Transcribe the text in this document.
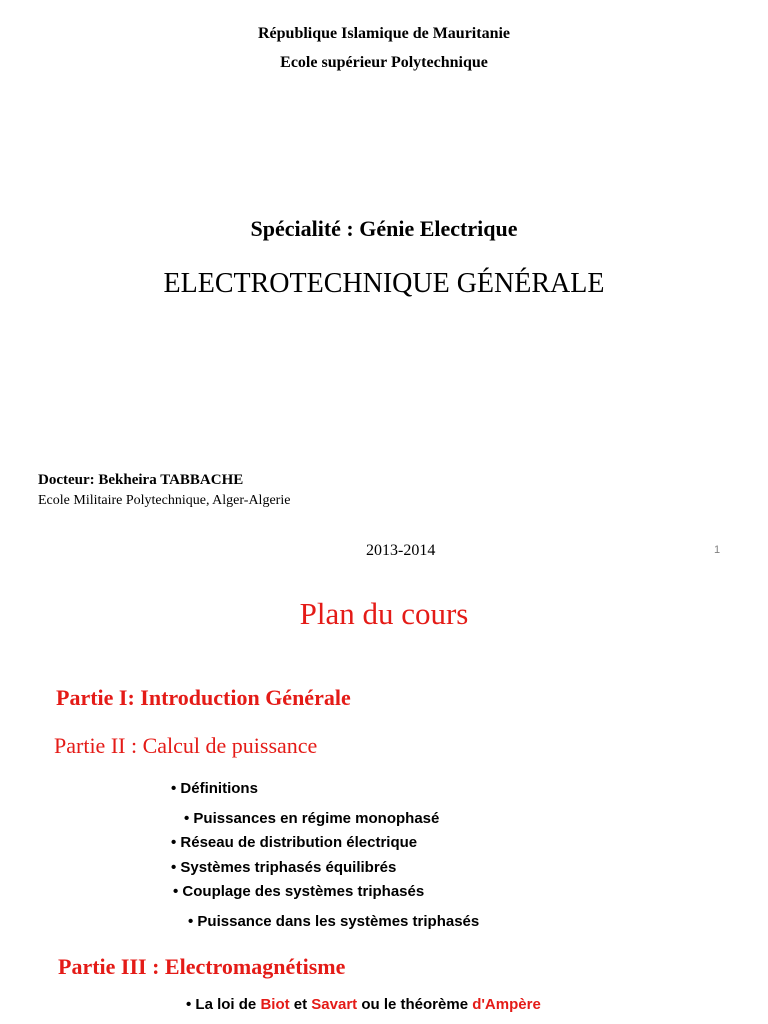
République Islamique de Mauritanie
Ecole supérieur Polytechnique
Spécialité : Génie Electrique
ELECTROTECHNIQUE GÉNÉRALE
Docteur: Bekheira TABBACHE
Ecole Militaire Polytechnique, Alger-Algerie
2013-2014	1
Plan du cours
Partie I: Introduction Générale
Partie II : Calcul de puissance
• Définitions
• Puissances en régime monophasé
• Réseau de distribution électrique
• Systèmes triphasés équilibrés
• Couplage des systèmes triphasés
• Puissance dans les systèmes triphasés
Partie III : Electromagnétisme
• La loi de Biot et Savart ou le théorème d'Ampère
